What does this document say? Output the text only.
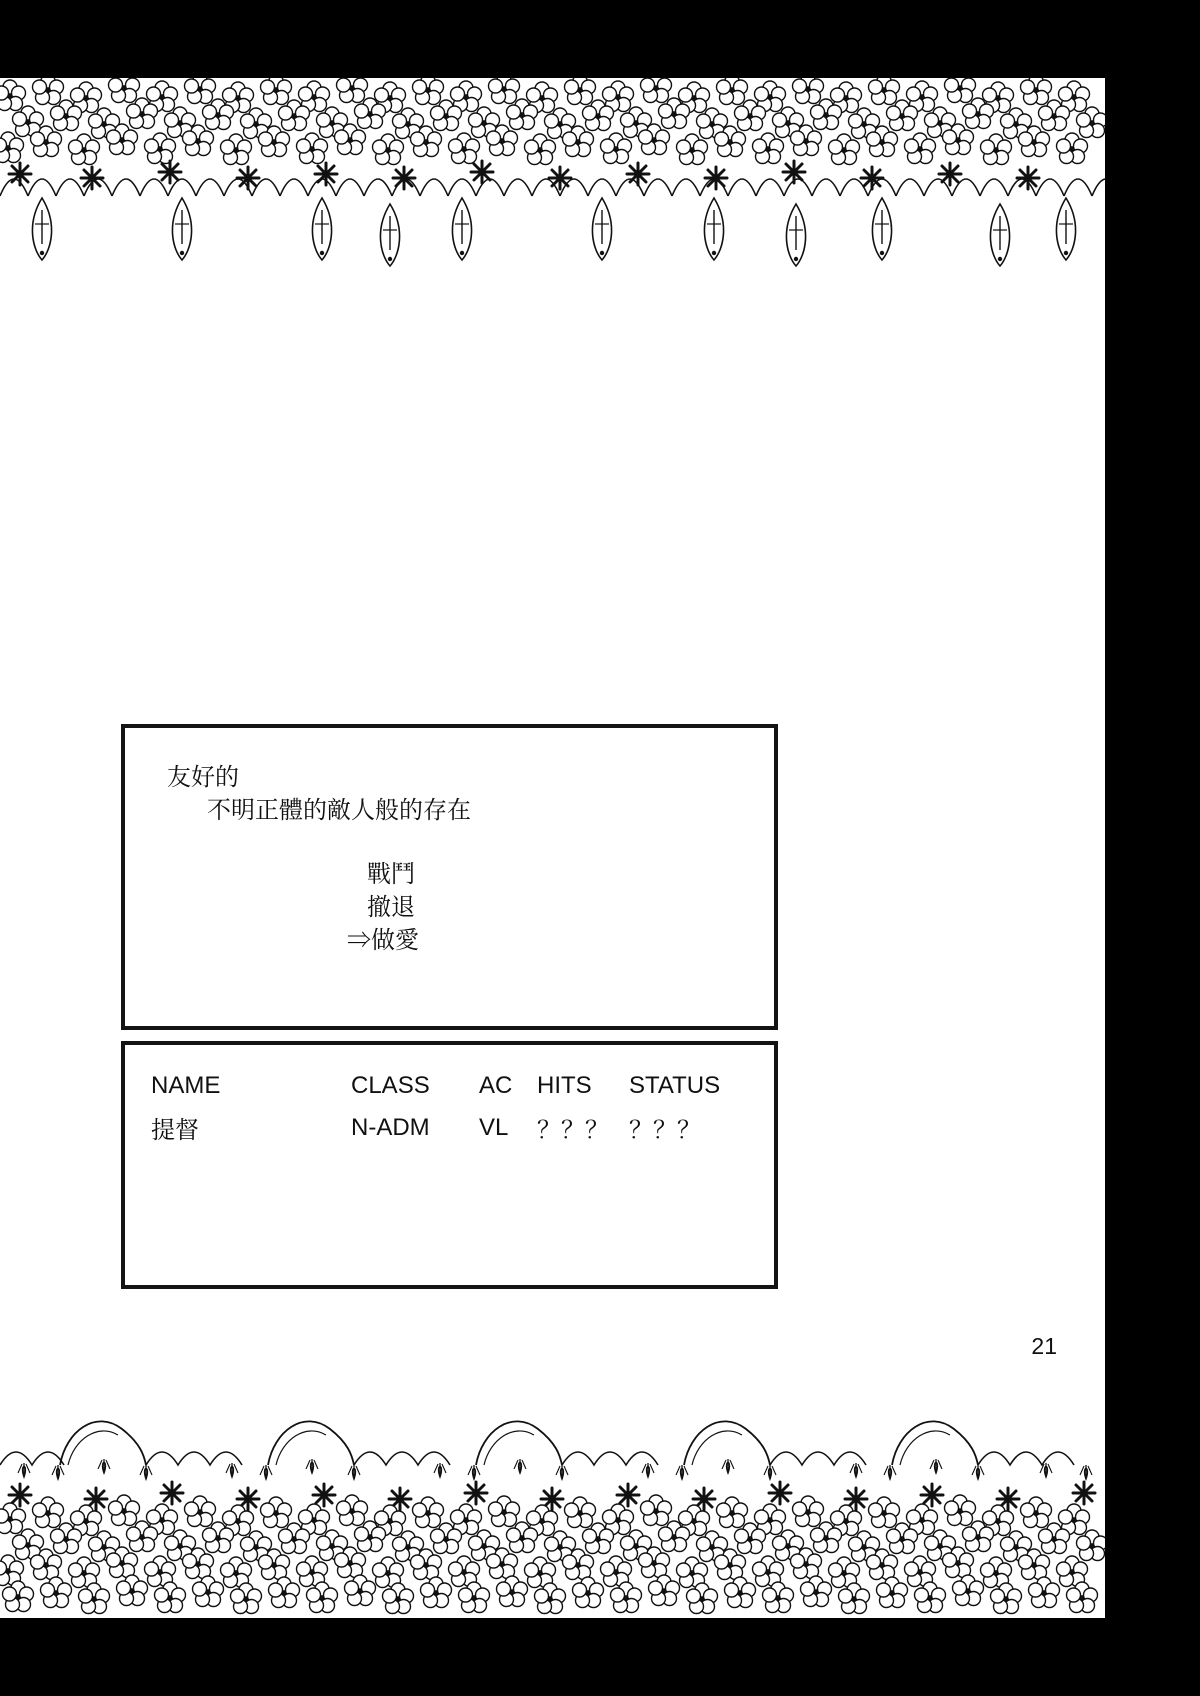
友好的
不明正體的敵人般的存在
戰鬥
撤退
⇒做愛
NAME	CLASS	AC	HITS	STATUS
提督	N-ADM	VL	？？？	？？？
21
